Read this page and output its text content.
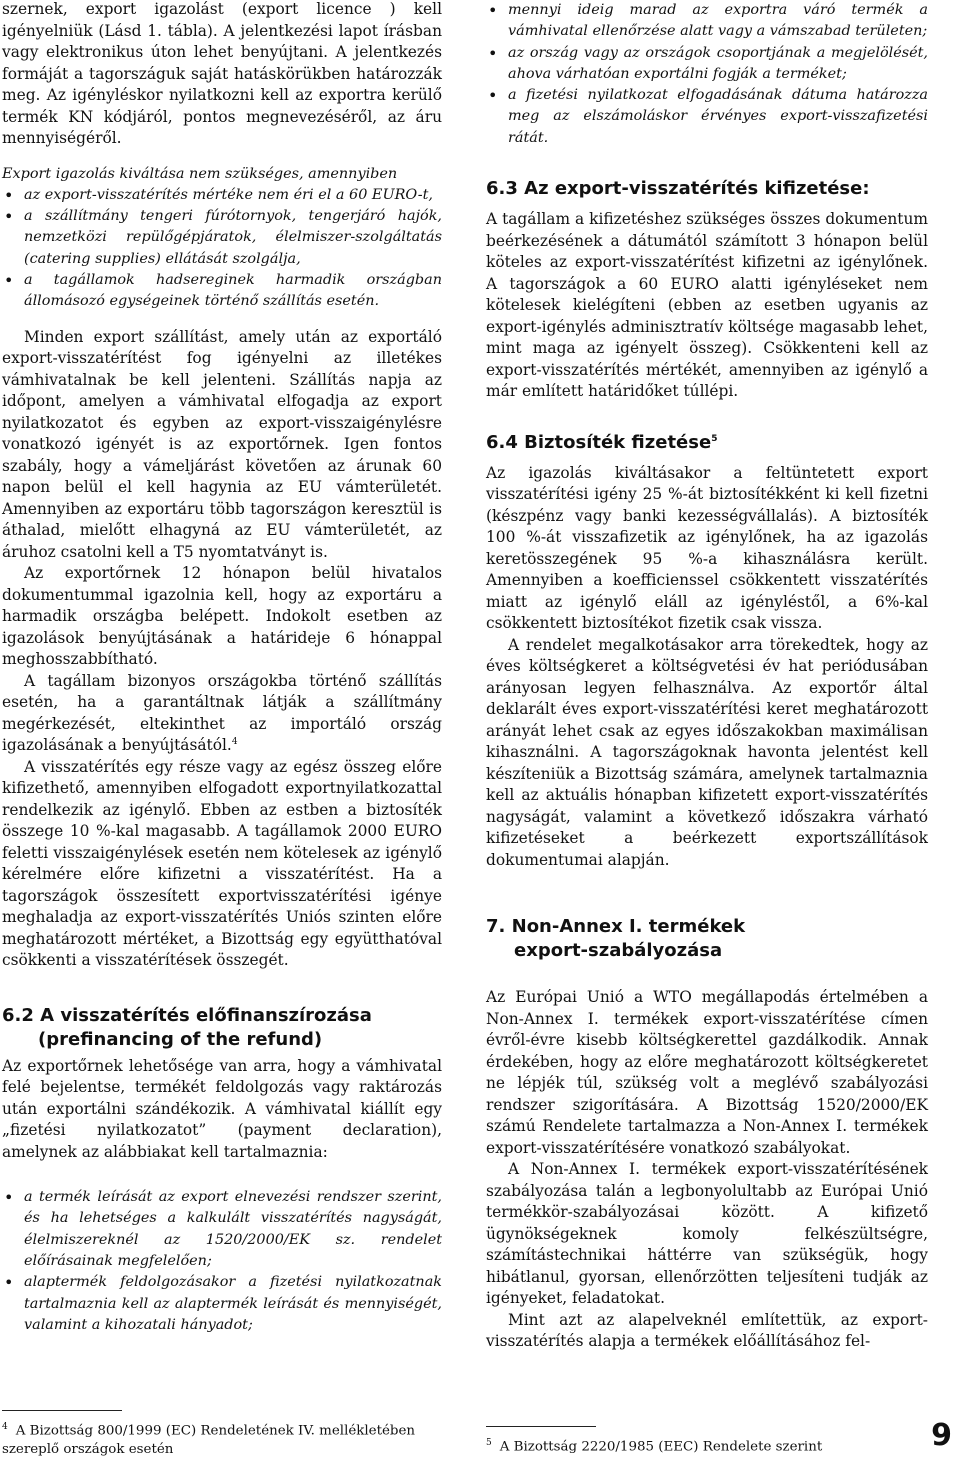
szernek, export igazolást (export licence ) kell igényelniük (Lásd 1. tábla). A jelentkezési lapot írásban vagy elektronikus úton lehet benyújtani. A jelentkezés formáját a tagországuk saját hatáskörükben határozzák meg. Az igényléskor nyilatkozni kell az exportra kerülő termék KN kódjáról, pontos megnevezéséről, az áru mennyiségéről.

Export igazolás kiváltása nem szükséges, amennyiben

• az export-visszatérítés mértéke nem éri el a 60 EURO-t,
• a szállítmány tengeri fúrótornyok, tengerjáró hajók, nemzetközi repülőgépjáratok, élelmiszer-szolgáltatás (catering supplies) ellátását szolgálja,
• a tagállamok hadsereginek harmadik országban állomásozó egységeinek történő szállítás esetén.

Minden export szállítást, amely után az exportáló export-visszatérítést fog igényelni az illetékes vámhivatalnak be kell jelenteni. Szállítás napja az időpont, amelyen a vámhivatal elfogadja az export nyilatkozatot és egyben az export-visszaigénylésre vonatkozó igényét is az exportőrnek. Igen fontos szabály, hogy a vámeljárást követően az árunak 60 napon belül el kell hagynia az EU vámterületét. Amennyiben az exportáru több tagországon keresztül is áthalad, mielőtt elhagyná az EU vámterületét, az áruhoz csatolni kell a T5 nyomtatványt is.

Az exportőrnek 12 hónapon belül hivatalos dokumentummal igazolnia kell, hogy az exportáru a harmadik országba belépett. Indokolt esetben az igazolások benyújtásának a határideje 6 hónappal meghosszabbítható.

A tagállam bizonyos országokba történő szállítás esetén, ha a garantáltnak látják a szállítmány megérkezését, eltekinthet az importáló ország igazolásának a benyújtásától.$^4$

A visszatérítés egy része vagy az egész összeg előre kifizethető, amennyiben elfogadott exportnyilatkozattal rendelkezik az igénylő. Ebben az estben a biztosíték összege 10 %-kal magasabb. A tagállamok 2000 EURO feletti visszaigénylések esetén nem kötelesek az igénylő kérelmére előre kifizetni a visszatérítést. Ha a tagországok összesített exportvisszatérítési igénye meghaladja az export-visszatérítés Uniós szinten előre meghatározott mértéket, a Bizottság egy együtthatóval csökkenti a visszatérítések összegét.

6.2 A visszatérítés előfinanszírozása
(prefinancing of the refund)

Az exportőrnek lehetősége van arra, hogy a vámhivatal felé bejelentse, termékét feldolgozás vagy raktározás után exportálni szándékozik. A vámhivatal kiállít egy „fizetési nyilatkozatot” (payment declaration), amelynek az alábbiakat kell tartalmaznia:

• a termék leírását az export elnevezési rendszer szerint, és ha lehetséges a kalkulált visszatérítés nagyságát, élelmiszereknél az 1520/2000/EK sz. rendelet előírásainak megfelelően;
• alaptermék feldolgozásakor a fizetési nyilatkozatnak tartalmaznia kell az alaptermék leírását és mennyiségét, valamint a kihozatali hányadot;
$^4$ A Bizottság 800/1999 (EC) Rendeletének IV. mellékletében szereplő országok esetén
• mennyi ideig marad az exportra váró termék a vámhivatal ellenőrzése alatt vagy a vámszabad területen;
• az ország vagy az országok csoportjának a megjelölését, ahova várhatóan exportálni fogják a terméket;
• a fizetési nyilatkozat elfogadásának dátuma határozza meg az elszámoláskor érvényes export-visszafizetési rátát.
6.3 Az export-visszatérítés kifizetése:

A tagállam a kifizetéshez szükséges összes dokumentum beérkezésének a dátumától számított 3 hónapon belül köteles az export-visszatérítést kifizetni az igénylőnek. A tagországok a 60 EURO alatti igényléseket nem kötelesek kielégíteni (ebben az esetben ugyanis az export-igénylés adminisztratív költsége magasabb lehet, mint maga az igényelt összeg). Csökkenteni kell az export-visszatérítés mértékét, amennyiben az igénylő a már említett határidőket túllépi.

6.4 Biztosíték fizetése$^5$

Az igazolás kiváltásakor a feltüntetett export visszatérítési igény 25 %-át biztosítékként ki kell fizetni (készpénz vagy banki kezességvállalás). A biztosíték 100 %-át visszafizetik az igénylőnek, ha az igazolás keretösszegének 95 %-a kihasználásra került. Amennyiben a koefficienssel csökkentett visszatérítés miatt az igénylő eláll az igényléstől, a 6%-kal csökkentett biztosítékot fizetik csak vissza.

A rendelet megalkotásakor arra törekedtek, hogy az éves költségkeret a költségvetési év hat periódusában arányosan legyen felhasználva. Az exportőr által deklarált éves export-visszatérítési keret meghatározott arányát lehet csak az egyes időszakokban maximálisan kihasználni. A tagországoknak havonta jelentést kell készíteniük a Bizottság számára, amelynek tartalmaznia kell az aktuális hónapban kifizetett export-visszatérítés nagyságát, valamint a következő időszakra várható kifizetéseket a beérkezett exportszállítások dokumentumai alapján.

7. Non-Annex I. termékek
export-szabályozása

Az Európai Unió a WTO megállapodás értelmében a Non-Annex I. termékek export-visszatérítése címen évről-évre kisebb költségkerettel gazdálkodik. Annak érdekében, hogy az előre meghatározott költségkeretet ne lépjék túl, szükség volt a meglévő szabályozási rendszer szigorítására. A Bizottság 1520/2000/EK számú Rendelete tartalmazza a Non-Annex I. termékek export-visszatérítésére vonatkozó szabályokat.

A Non-Annex I. termékek export-visszatérítésének szabályozása talán a legbonyolultabb az Európai Unió termékkör-szabályozásai között. A kifizető ügynökségeknek komoly felkészültségre, számítástechnikai háttérre van szükségük, hogy hibátlanul, gyorsan, ellenőrzötten teljesíteni tudják az igényeket, feladatokat.

Mint azt az alapelveknél említettük, az export-visszatérítés alapja a termékek előállításához fel-

$^5$ A Bizottság 2220/1985 (EEC) Rendelete szerint	9
